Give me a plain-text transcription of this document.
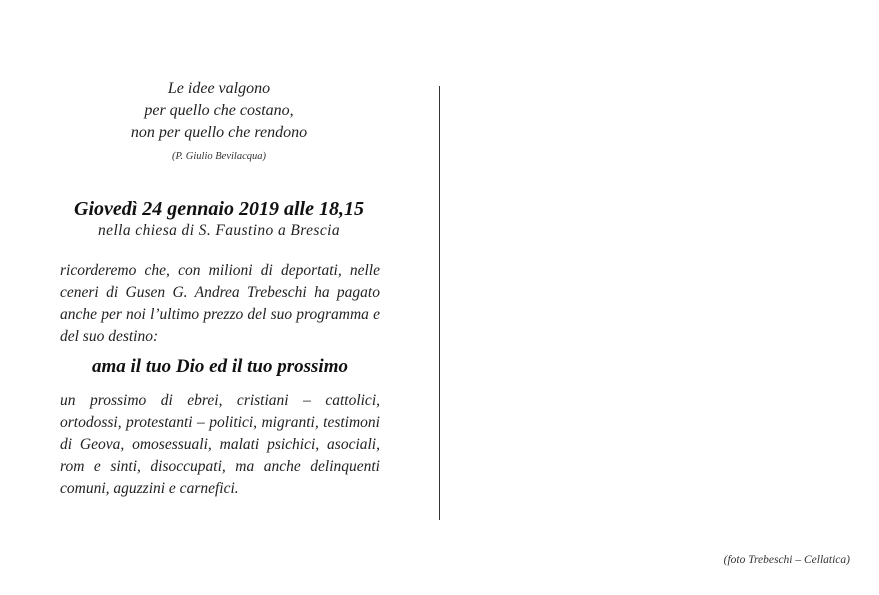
Le idee valgono
per quello che costano,
non per quello che rendono
(P. Giulio Bevilacqua)
Giovedì 24 gennaio 2019 alle 18,15
nella chiesa di S. Faustino a Brescia

ricorderemo che, con milioni di deportati, nelle ceneri di Gusen G. Andrea Trebeschi ha pagato anche per noi l’ultimo prezzo del suo programma e del suo destino:

ama il tuo Dio ed il tuo prossimo

un prossimo di ebrei, cristiani – cattolici, ortodossi, protestanti – politici, migranti, testimoni di Geova, omosessuali, malati psichici, asociali, rom e sinti, disoccupati, ma anche delinquenti comuni, aguzzini e carnefici.

(foto Trebeschi – Cellatica)
